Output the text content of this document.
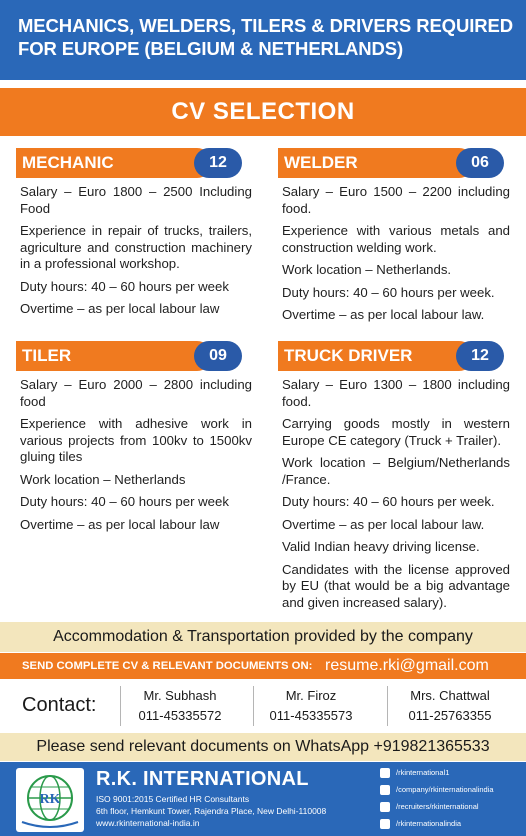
MECHANICS, WELDERS, TILERS & DRIVERS REQUIRED
FOR EUROPE (BELGIUM & NETHERLANDS)
CV SELECTION
MECHANIC	12
Salary – Euro 1800 – 2500 Including Food
Experience in repair of trucks, trailers, agriculture and construction machinery in a professional workshop.
Duty hours: 40 – 60 hours per week
Overtime – as per local labour law
WELDER	06
Salary – Euro 1500 – 2200 including food.
Experience with various metals and construction welding work.
Work location – Netherlands.
Duty hours: 40 – 60 hours per week.
Overtime – as per local labour law.
TILER	09
Salary – Euro 2000 – 2800 including food
Experience with adhesive work in various projects from 100kv to 1500kv gluing tiles
Work location – Netherlands
Duty hours: 40 – 60 hours per week
Overtime – as per local labour law
TRUCK DRIVER	12
Salary – Euro 1300 – 1800 including food.
Carrying goods mostly in western Europe CE category (Truck + Trailer).
Work location – Belgium/Netherlands /France.
Duty hours: 40 – 60 hours per week.
Overtime – as per local labour law.
Valid Indian heavy driving license.
Candidates with the license approved by EU (that would be a big advantage and given increased salary).
Accommodation & Transportation provided by the company
SEND COMPLETE CV & RELEVANT DOCUMENTS ON: resume.rki@gmail.com
Contact:	Mr. Subhash
011-45335572
Mr. Firoz
011-45335573
Mrs. Chattwal
011-25763355
Please send relevant documents on WhatsApp +919821365533
RK
R.K. INTERNATIONAL
ISO 9001:2015 Certified HR Consultants
6th floor, Hemkunt Tower, Rajendra Place, New Delhi-110008
www.rkinternational-india.in
/rkinternational1
/company/rkinternationalindia
/recruiters/rkinternational
/rkinternationalindia
